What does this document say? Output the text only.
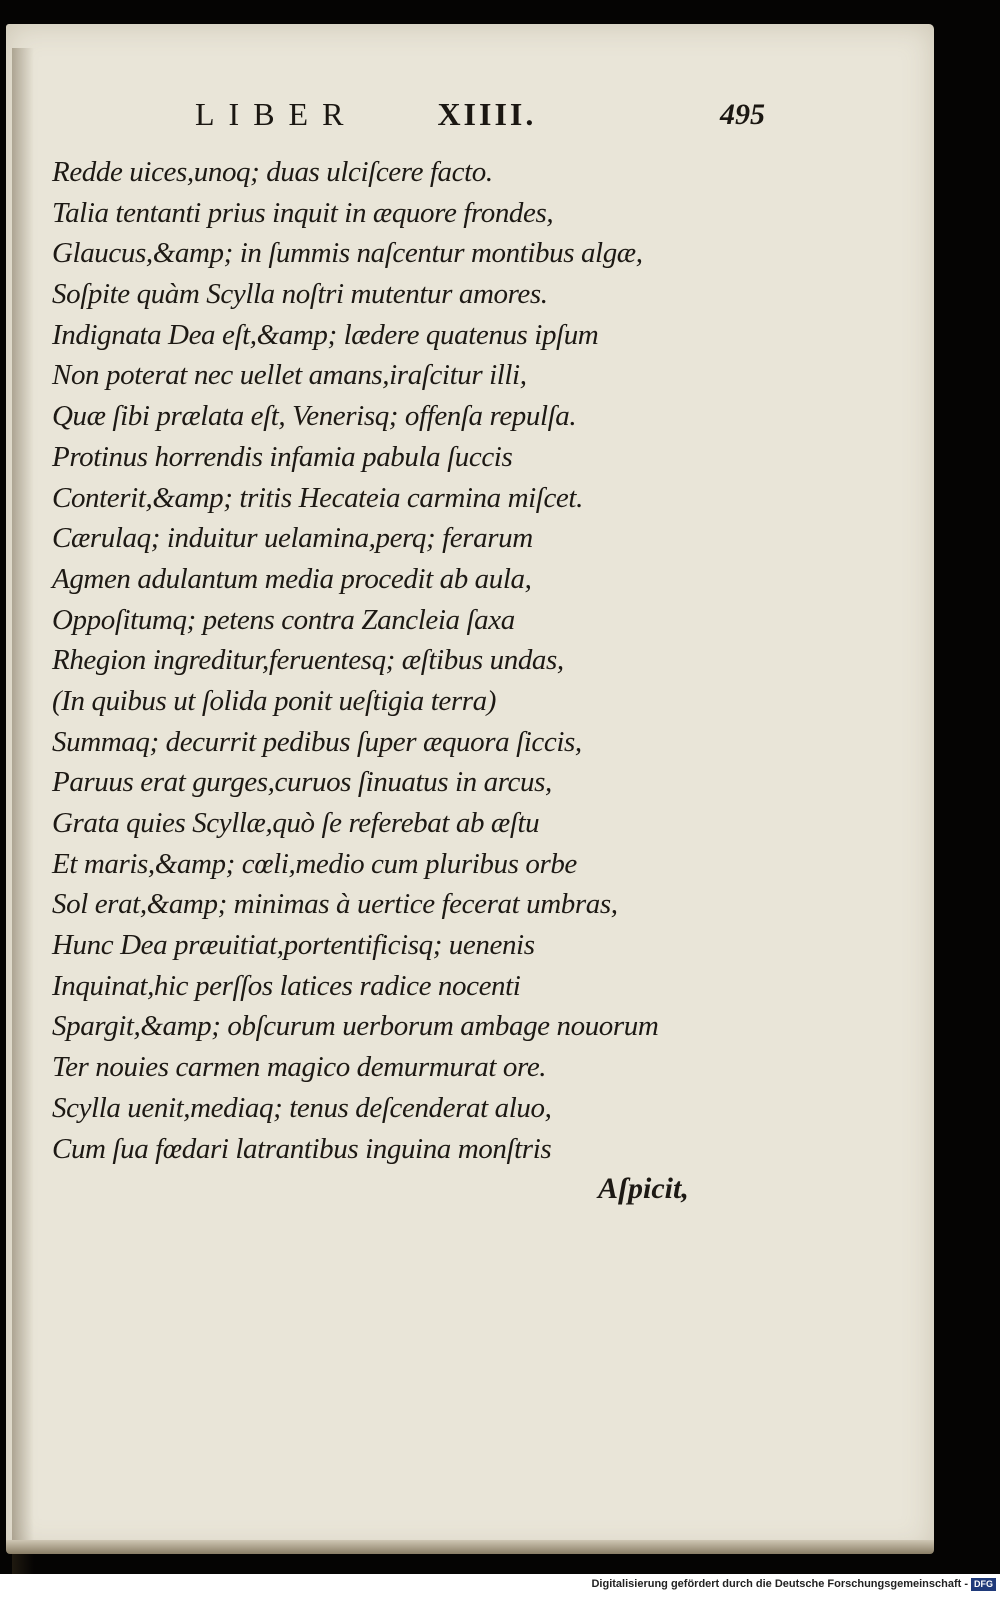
LIBER	XIIII.	495
Redde uices,unoq; duas ulciſcere facto.
Talia tentanti prius inquit in æquore frondes,
Glaucus,&amp; in ſummis naſcentur montibus algæ,
Soſpite quàm Scylla noſtri mutentur amores.
Indignata Dea eſt,&amp; lædere quatenus ipſum
Non poterat nec uellet amans,iraſcitur illi,
Quæ ſibi prælata eſt, Venerisq; offenſa repulſa.
Protinus horrendis infamia pabula ſuccis
Conterit,&amp; tritis Hecateia carmina miſcet.
Cærulaq; induitur uelamina,perq; ferarum
Agmen adulantum media procedit ab aula,
Oppoſitumq; petens contra Zancleia ſaxa
Rhegion ingreditur,feruentesq; æſtibus undas,
(In quibus ut ſolida ponit ueſtigia terra)
Summaq; decurrit pedibus ſuper æquora ſiccis,
Paruus erat gurges,curuos ſinuatus in arcus,
Grata quies Scyllæ,quò ſe referebat ab æſtu
Et maris,&amp; cœli,medio cum pluribus orbe
Sol erat,&amp; minimas à uertice fecerat umbras,
Hunc Dea præuitiat,portentificisq; uenenis
Inquinat,hic perſſos latices radice nocenti
Spargit,&amp; obſcurum uerborum ambage nouorum
Ter nouies carmen magico demurmurat ore.
Scylla uenit,mediaq; tenus deſcenderat aluo,
Cum ſua fœdari latrantibus inguina monſtris
Aſpicit,
Digitalisierung gefördert durch die Deutsche Forschungsgemeinschaft - DFG
